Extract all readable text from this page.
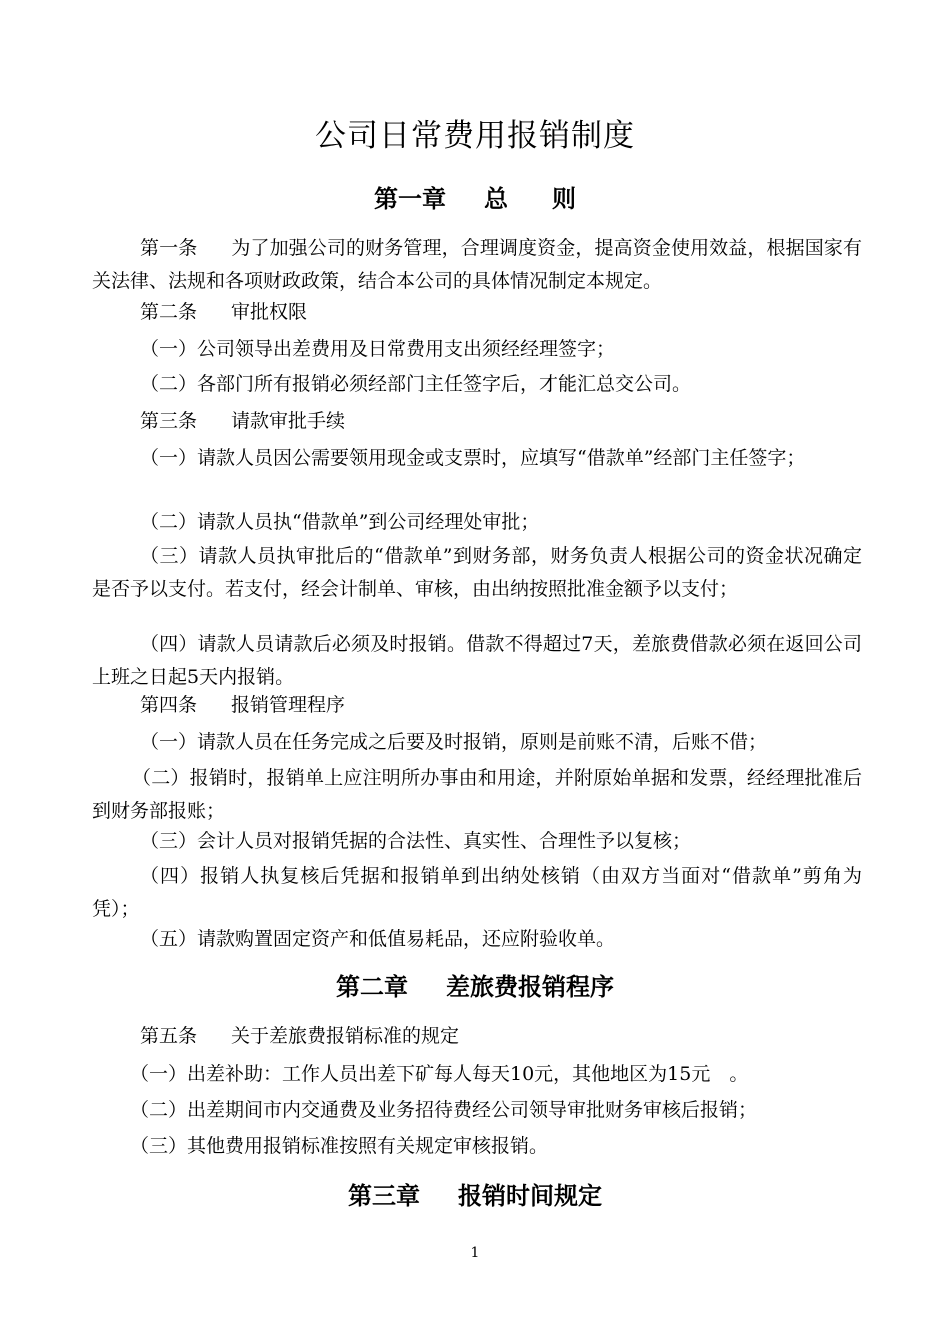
公司日常费用报销制度
第一章 总 则
第一条 为了加强公司的财务管理，合理调度资金，提高资金使用效益，根据国家有关法律、法规和各项财政政策，结合本公司的具体情况制定本规定。
第二条 审批权限
（一）公司领导出差费用及日常费用支出须经经理签字；
（二）各部门所有报销必须经部门主任签字后，才能汇总交公司。
第三条 请款审批手续
（一）请款人员因公需要领用现金或支票时，应填写“借款单”经部门主任签字；
（二）请款人员执“借款单”到公司经理处审批；
（三）请款人员执审批后的“借款单”到财务部，财务负责人根据公司的资金状况确定是否予以支付。若支付，经会计制单、审核，由出纳按照批准金额予以支付；
（四）请款人员请款后必须及时报销。借款不得超过7天，差旅费借款必须在返回公司上班之日起5天内报销。
第四条 报销管理程序
（一）请款人员在任务完成之后要及时报销，原则是前账不清，后账不借；
（二）报销时，报销单上应注明所办事由和用途，并附原始单据和发票，经经理批准后到财务部报账；
（三）会计人员对报销凭据的合法性、真实性、合理性予以复核；
（四）报销人执复核后凭据和报销单到出纳处核销（由双方当面对“借款单”剪角为凭）；
（五）请款购置固定资产和低值易耗品，还应附验收单。
第二章 差旅费报销程序
第五条 关于差旅费报销标准的规定
（一）出差补助：工作人员出差下矿每人每天10元，其他地区为15元　。
（二）出差期间市内交通费及业务招待费经公司领导审批财务审核后报销；
（三）其他费用报销标准按照有关规定审核报销。
第三章 报销时间规定
1
